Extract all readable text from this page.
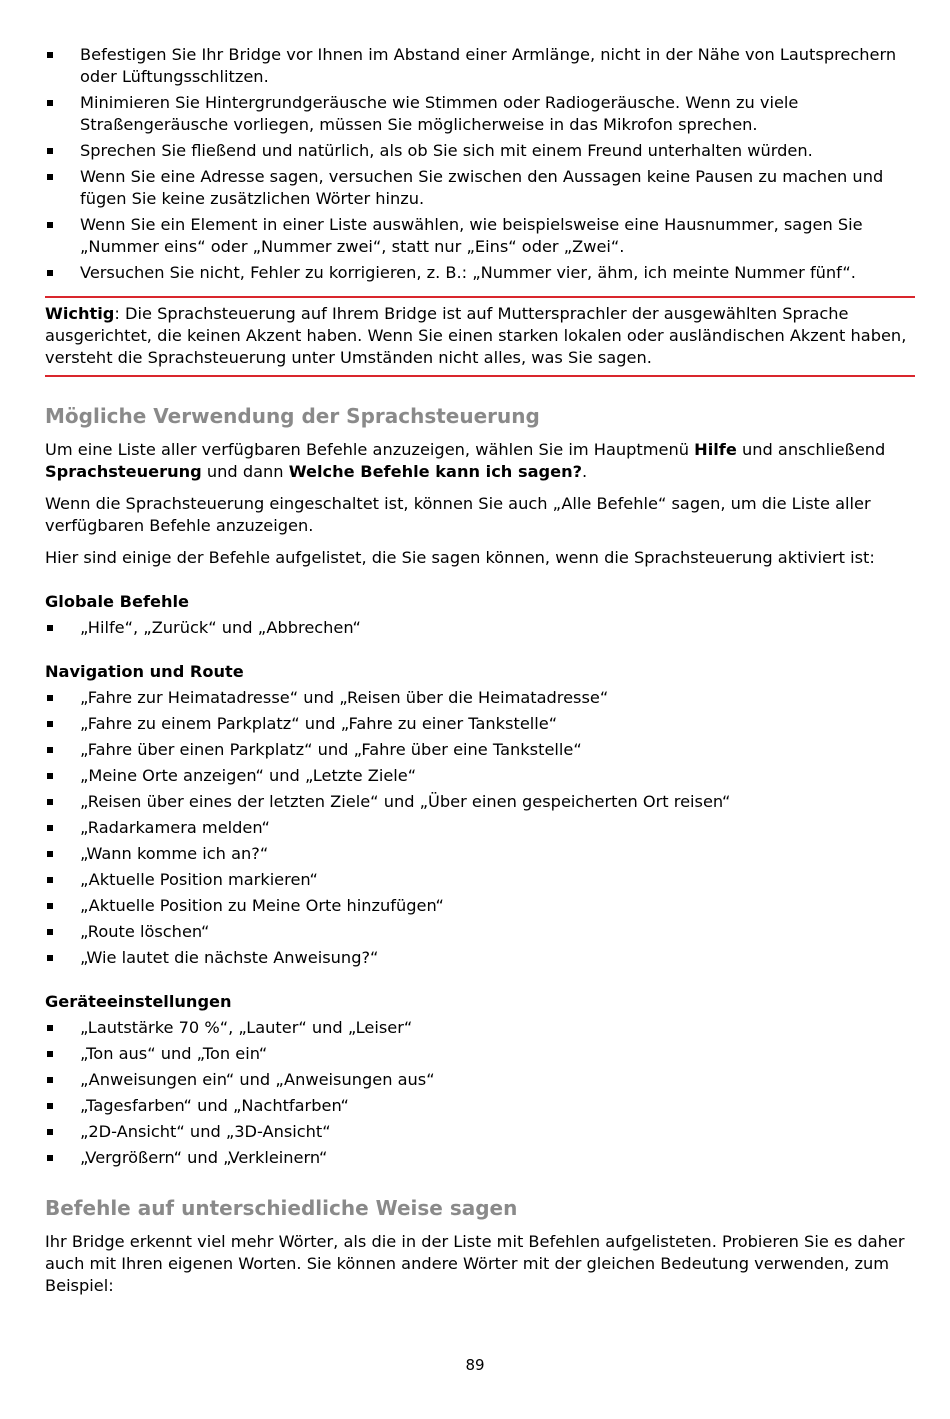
Befestigen Sie Ihr Bridge vor Ihnen im Abstand einer Armlänge, nicht in der Nähe von Lautsprechern oder Lüftungsschlitzen.
Minimieren Sie Hintergrundgeräusche wie Stimmen oder Radiogeräusche. Wenn zu viele Straßengeräusche vorliegen, müssen Sie möglicherweise in das Mikrofon sprechen.
Sprechen Sie fließend und natürlich, als ob Sie sich mit einem Freund unterhalten würden.
Wenn Sie eine Adresse sagen, versuchen Sie zwischen den Aussagen keine Pausen zu machen und fügen Sie keine zusätzlichen Wörter hinzu.
Wenn Sie ein Element in einer Liste auswählen, wie beispielsweise eine Hausnummer, sagen Sie „Nummer eins“ oder „Nummer zwei“, statt nur „Eins“ oder „Zwei“.
Versuchen Sie nicht, Fehler zu korrigieren, z. B.: „Nummer vier, ähm, ich meinte Nummer fünf“.
Wichtig: Die Sprachsteuerung auf Ihrem Bridge ist auf Muttersprachler der ausgewählten Sprache ausgerichtet, die keinen Akzent haben. Wenn Sie einen starken lokalen oder ausländischen Akzent haben, versteht die Sprachsteuerung unter Umständen nicht alles, was Sie sagen.
Mögliche Verwendung der Sprachsteuerung

Um eine Liste aller verfügbaren Befehle anzuzeigen, wählen Sie im Hauptmenü Hilfe und anschließend Sprachsteuerung und dann Welche Befehle kann ich sagen?.

Wenn die Sprachsteuerung eingeschaltet ist, können Sie auch „Alle Befehle“ sagen, um die Liste aller verfügbaren Befehle anzuzeigen.

Hier sind einige der Befehle aufgelistet, die Sie sagen können, wenn die Sprachsteuerung aktiviert ist:

Globale Befehle
„Hilfe“, „Zurück“ und „Abbrechen“
Navigation und Route
„Fahre zur Heimatadresse“ und „Reisen über die Heimatadresse“
„Fahre zu einem Parkplatz“ und „Fahre zu einer Tankstelle“
„Fahre über einen Parkplatz“ und „Fahre über eine Tankstelle“
„Meine Orte anzeigen“ und „Letzte Ziele“
„Reisen über eines der letzten Ziele“ und „Über einen gespeicherten Ort reisen“
„Radarkamera melden“
„Wann komme ich an?“
„Aktuelle Position markieren“
„Aktuelle Position zu Meine Orte hinzufügen“
„Route löschen“
„Wie lautet die nächste Anweisung?“
Geräteeinstellungen
„Lautstärke 70 %“, „Lauter“ und „Leiser“
„Ton aus“ und „Ton ein“
„Anweisungen ein“ und „Anweisungen aus“
„Tagesfarben“ und „Nachtfarben“
„2D-Ansicht“ und „3D-Ansicht“
„Vergrößern“ und „Verkleinern“
Befehle auf unterschiedliche Weise sagen

Ihr Bridge erkennt viel mehr Wörter, als die in der Liste mit Befehlen aufgelisteten. Probieren Sie es daher auch mit Ihren eigenen Worten. Sie können andere Wörter mit der gleichen Bedeutung verwenden, zum Beispiel:

89
